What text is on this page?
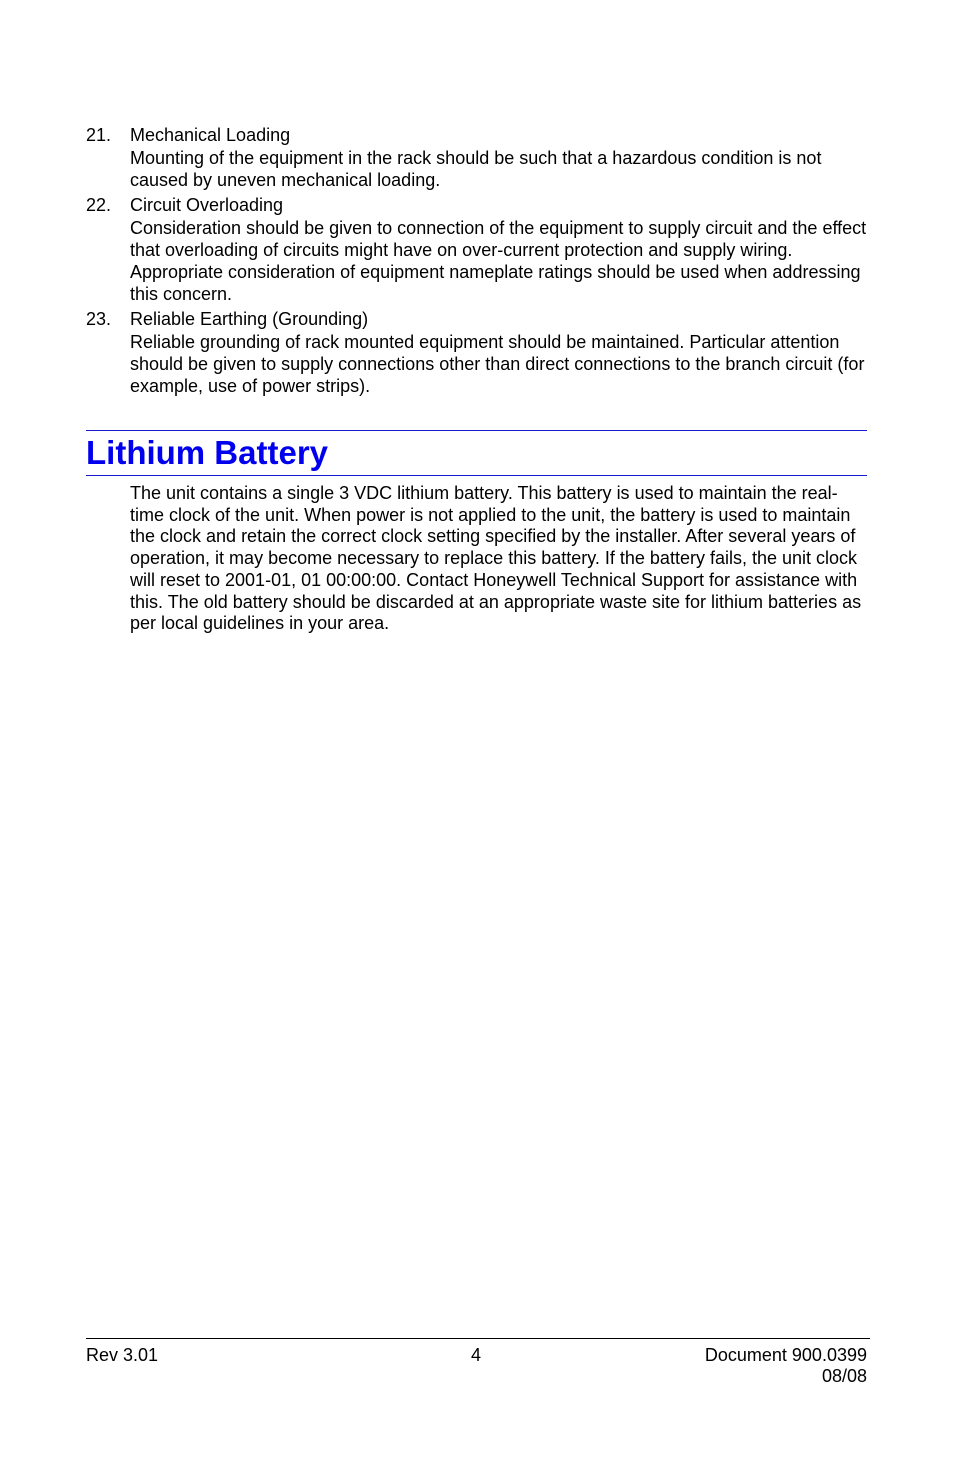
21. Mechanical Loading

Mounting of the equipment in the rack should be such that a hazardous condition is not caused by uneven mechanical loading.

22. Circuit Overloading

Consideration should be given to connection of the equipment to supply circuit and the effect that overloading of circuits might have on over-current protection and supply wiring. Appropriate consideration of equipment nameplate ratings should be used when addressing this concern.

23. Reliable Earthing (Grounding)

Reliable grounding of rack mounted equipment should be maintained. Particular attention should be given to supply connections other than direct connections to the branch circuit (for example, use of power strips).

Lithium Battery

The unit contains a single 3 VDC lithium battery. This battery is used to maintain the real-time clock of the unit. When power is not applied to the unit, the battery is used to maintain the clock and retain the correct clock setting specified by the installer. After several years of operation, it may become necessary to replace this battery. If the battery fails, the unit clock will reset to 2001-01, 01 00:00:00. Contact Honeywell Technical Support for assistance with this. The old battery should be discarded at an appropriate waste site for lithium batteries as per local guidelines in your area.

Rev 3.01	4	Document 900.0399
08/08
